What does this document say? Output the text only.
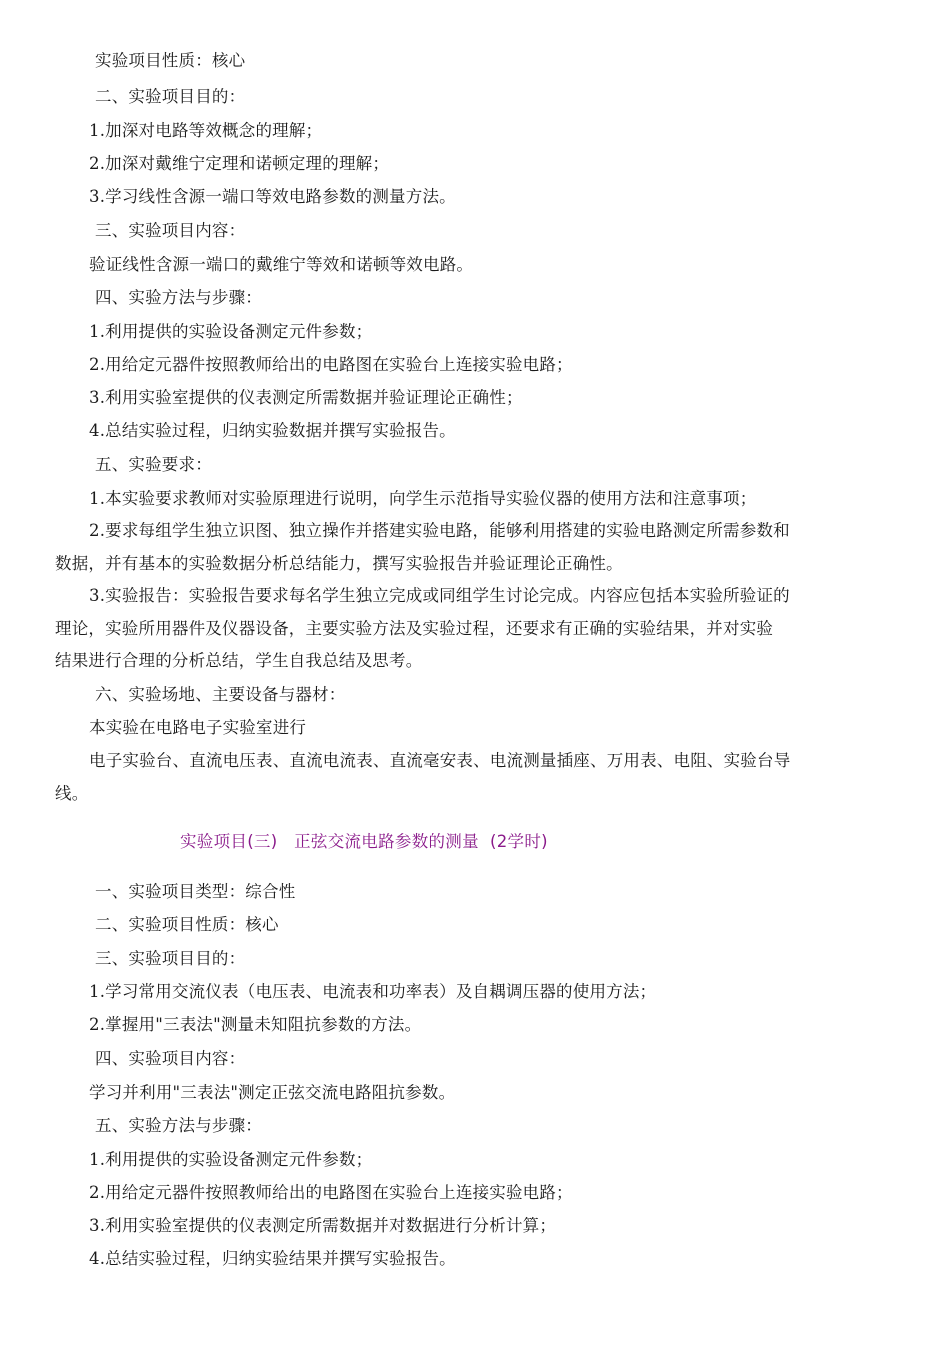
实验项目性质：核心

二、实验项目目的：

1.加深对电路等效概念的理解；

2.加深对戴维宁定理和诺顿定理的理解；

3.学习线性含源一端口等效电路参数的测量方法。

三、实验项目内容：

验证线性含源一端口的戴维宁等效和诺顿等效电路。

四、实验方法与步骤：

1.利用提供的实验设备测定元件参数；

2.用给定元器件按照教师给出的电路图在实验台上连接实验电路；

3.利用实验室提供的仪表测定所需数据并验证理论正确性；

4.总结实验过程，归纳实验数据并撰写实验报告。

五、实验要求：

1.本实验要求教师对实验原理进行说明，向学生示范指导实验仪器的使用方法和注意事项；

2.要求每组学生独立识图、独立操作并搭建实验电路，能够利用搭建的实验电路测定所需参数和

数据，并有基本的实验数据分析总结能力，撰写实验报告并验证理论正确性。

3.实验报告：实验报告要求每名学生独立完成或同组学生讨论完成。内容应包括本实验所验证的

理论，实验所用器件及仪器设备，主要实验方法及实验过程，还要求有正确的实验结果，并对实验

结果进行合理的分析总结，学生自我总结及思考。

六、实验场地、主要设备与器材：

本实验在电路电子实验室进行

电子实验台、直流电压表、直流电流表、直流毫安表、电流测量插座、万用表、电阻、实验台导

线。

实验项目(三)   正弦交流电路参数的测量  (2学时)

一、实验项目类型：综合性

二、实验项目性质：核心

三、实验项目目的：

1.学习常用交流仪表（电压表、电流表和功率表）及自耦调压器的使用方法；

2.掌握用"三表法"测量未知阻抗参数的方法。

四、实验项目内容：

学习并利用"三表法"测定正弦交流电路阻抗参数。

五、实验方法与步骤：

1.利用提供的实验设备测定元件参数；

2.用给定元器件按照教师给出的电路图在实验台上连接实验电路；

3.利用实验室提供的仪表测定所需数据并对数据进行分析计算；

4.总结实验过程，归纳实验结果并撰写实验报告。
